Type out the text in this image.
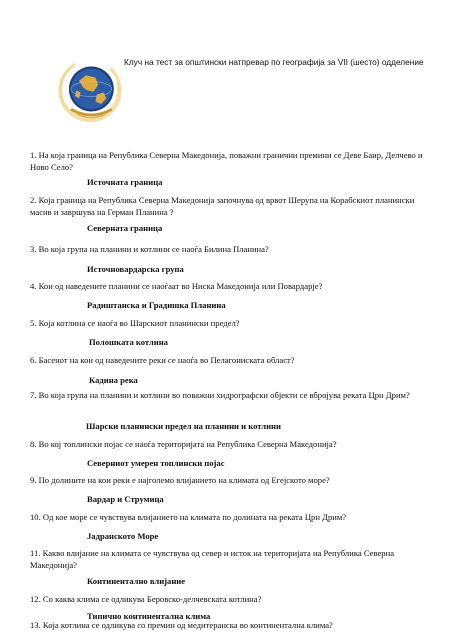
Клуч на тест за општински натпревар по географија за VII (шесто) одделение

1. На која граница на Република Северна Македонија, поважни гранични премини се Деве Баир, Делчево и Ново Село?

Источната граница

2. Која граница на Република Северна Македонија започнува од врвот Шерупа на Корабскиот планински масив и завршува на Герман Планина ?

Северната граница

3. Во која група на планини и котлини се наоѓа Билина Планина?

Источновардарска група

4. Кои од наведените планини се наоѓаат во Ниска Македонија или Повардарје?

Радиштанска и Градишка Планина

5. Која котлина се наоѓа во Шарскиот планински предел?

Полошката котлина

6. Басенот на кои од наведените реки се наоѓа во Пелагониската област?

Кадина река

7. Во која група на планини и котлини во поважни хидрографски објекти се вбројува реката Црн Дрим?

Шарски планински предел на планини и котлини

8. Во кој топлински појас се наоѓа територијата на Република Северна Македонија?

Северниот умерен топлински појас

9. По долините на кои реки е најголемо влијанието на климата од Егејското море?

Вардар и Струмица

10. Од кое море се чувствува влијанието на климата по долината на реката Црн Дрим?

Јадранското Море

11. Какво влијание на климата се чувствува од север и исток на територијата на Република Северна Македонија?

Континентално влијание

12. Со каква клима се одликува Беровско-делчевската котлина?

Типично континентална клима

13. Која котлина се одликува со премин од медитеранска во континентална клима?
